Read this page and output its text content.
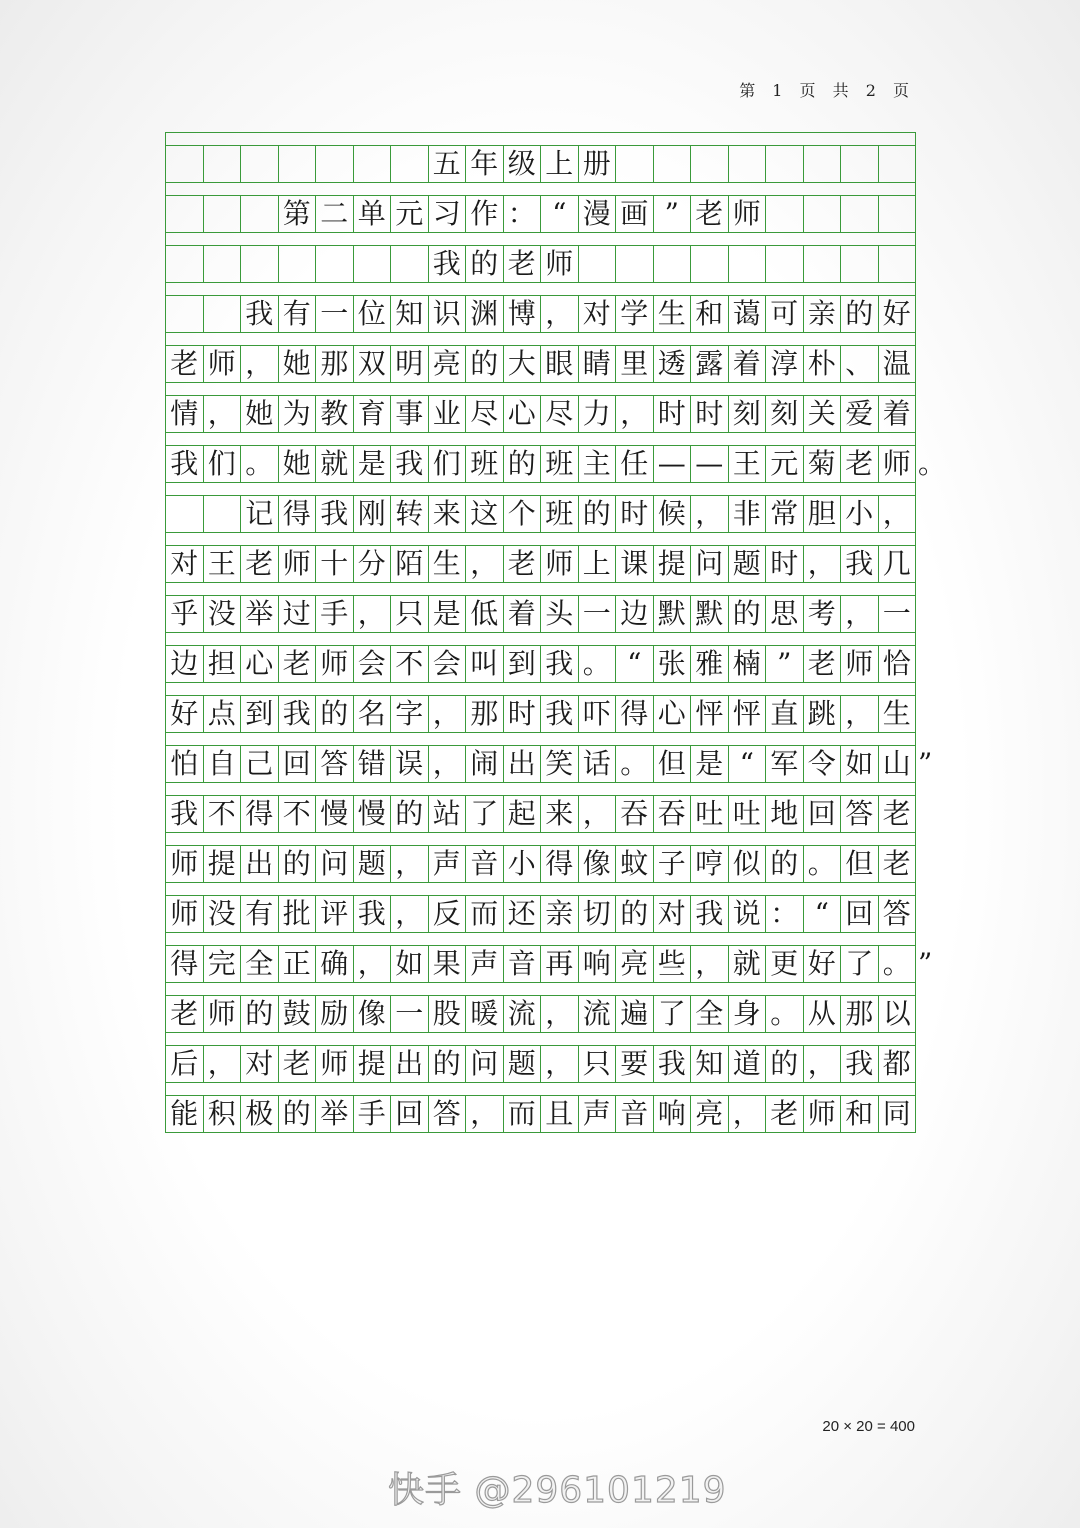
第 1 页 共 2 页
五 年 级 上 册
第 二 单 元 习 作 ： “ 漫 画 ” 老 师
我 的 老 师
我 有 一 位 知 识 渊 博 ， 对 学 生 和 蔼 可 亲 的 好
老 师 ， 她 那 双 明 亮 的 大 眼 睛 里 透 露 着 淳 朴 、 温
情 ， 她 为 教 育 事 业 尽 心 尽 力 ， 时 时 刻 刻 关 爱 着
我 们 。 她 就 是 我 们 班 的 班 主 任 — — 王 元 菊 老 师 。
记 得 我 刚 转 来 这 个 班 的 时 候 ， 非 常 胆 小 ，
对 王 老 师 十 分 陌 生 ， 老 师 上 课 提 问 题 时 ， 我 几
乎 没 举 过 手 ， 只 是 低 着 头 一 边 默 默 的 思 考 ， 一
边 担 心 老 师 会 不 会 叫 到 我 。 “ 张 雅 楠 ” 老 师 恰
好 点 到 我 的 名 字 ， 那 时 我 吓 得 心 怦 怦 直 跳 ， 生
怕 自 己 回 答 错 误 ， 闹 出 笑 话 。 但 是 “ 军 令 如 山 ”
我 不 得 不 慢 慢 的 站 了 起 来 ， 吞 吞 吐 吐 地 回 答 老
师 提 出 的 问 题 ， 声 音 小 得 像 蚊 子 哼 似 的 。 但 老
师 没 有 批 评 我 ， 反 而 还 亲 切 的 对 我 说 ： “ 回 答
得 完 全 正 确 ， 如 果 声 音 再 响 亮 些 ， 就 更 好 了 。 ”
老 师 的 鼓 励 像 一 股 暖 流 ， 流 遍 了 全 身 。 从 那 以
后 ， 对 老 师 提 出 的 问 题 ， 只 要 我 知 道 的 ， 我 都
能 积 极 的 举 手 回 答 ， 而 且 声 音 响 亮 ， 老 师 和 同
20 × 20 = 400
快手 @296101219
